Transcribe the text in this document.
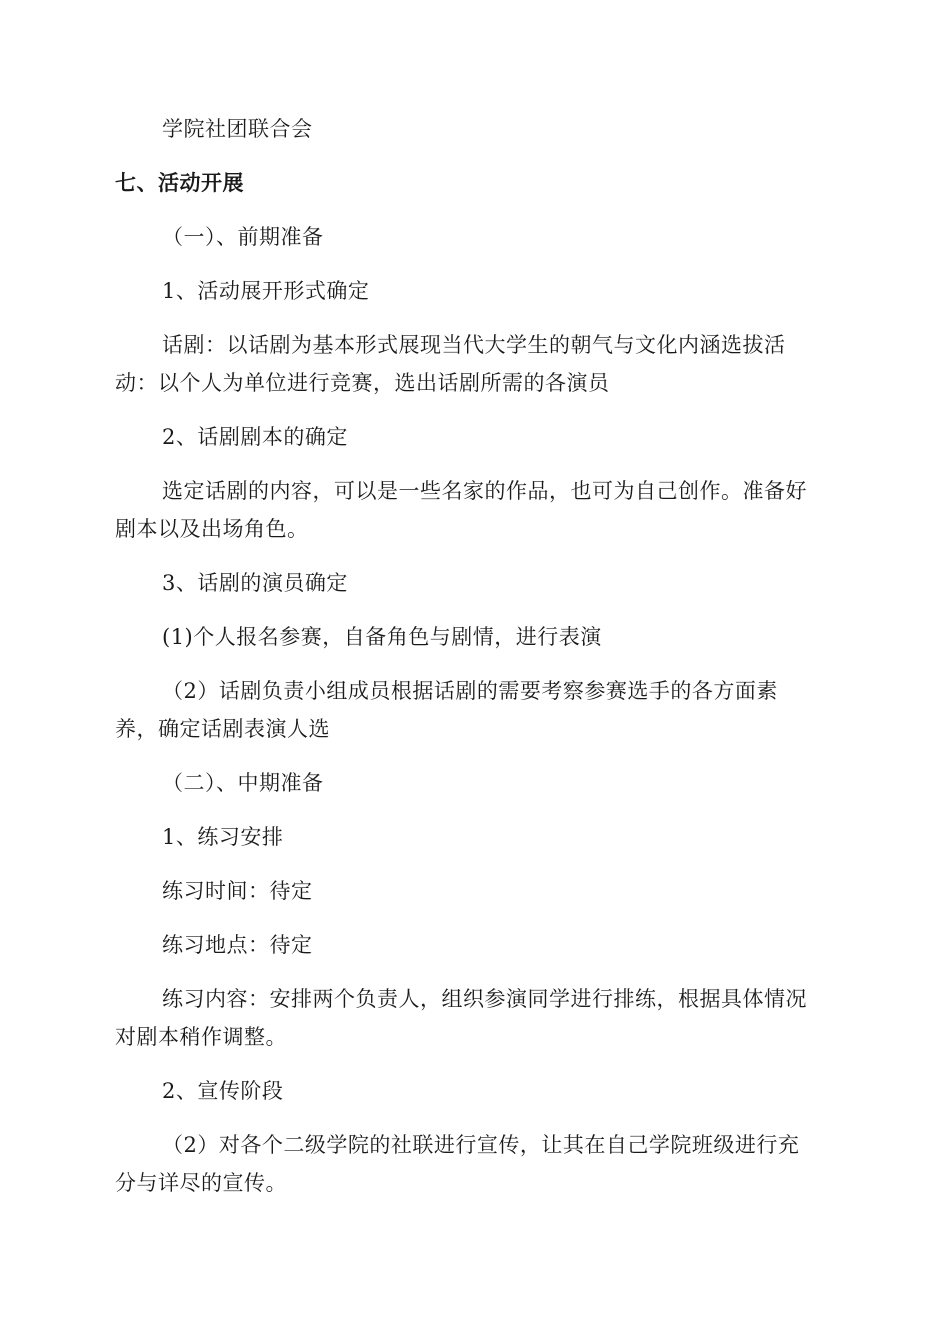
学院社团联合会
七、活动开展
（一）、前期准备
1、活动展开形式确定
话剧：以话剧为基本形式展现当代大学生的朝气与文化内涵选拔活
动：以个人为单位进行竞赛，选出话剧所需的各演员
2、话剧剧本的确定
选定话剧的内容，可以是一些名家的作品，也可为自己创作。准备好
剧本以及出场角色。
3、话剧的演员确定
(1)个人报名参赛，自备角色与剧情，进行表演
（2）话剧负责小组成员根据话剧的需要考察参赛选手的各方面素
养，确定话剧表演人选
（二）、中期准备
1、练习安排
练习时间：待定
练习地点：待定
练习内容：安排两个负责人，组织参演同学进行排练，根据具体情况
对剧本稍作调整。
2、宣传阶段
（2）对各个二级学院的社联进行宣传，让其在自己学院班级进行充
分与详尽的宣传。
